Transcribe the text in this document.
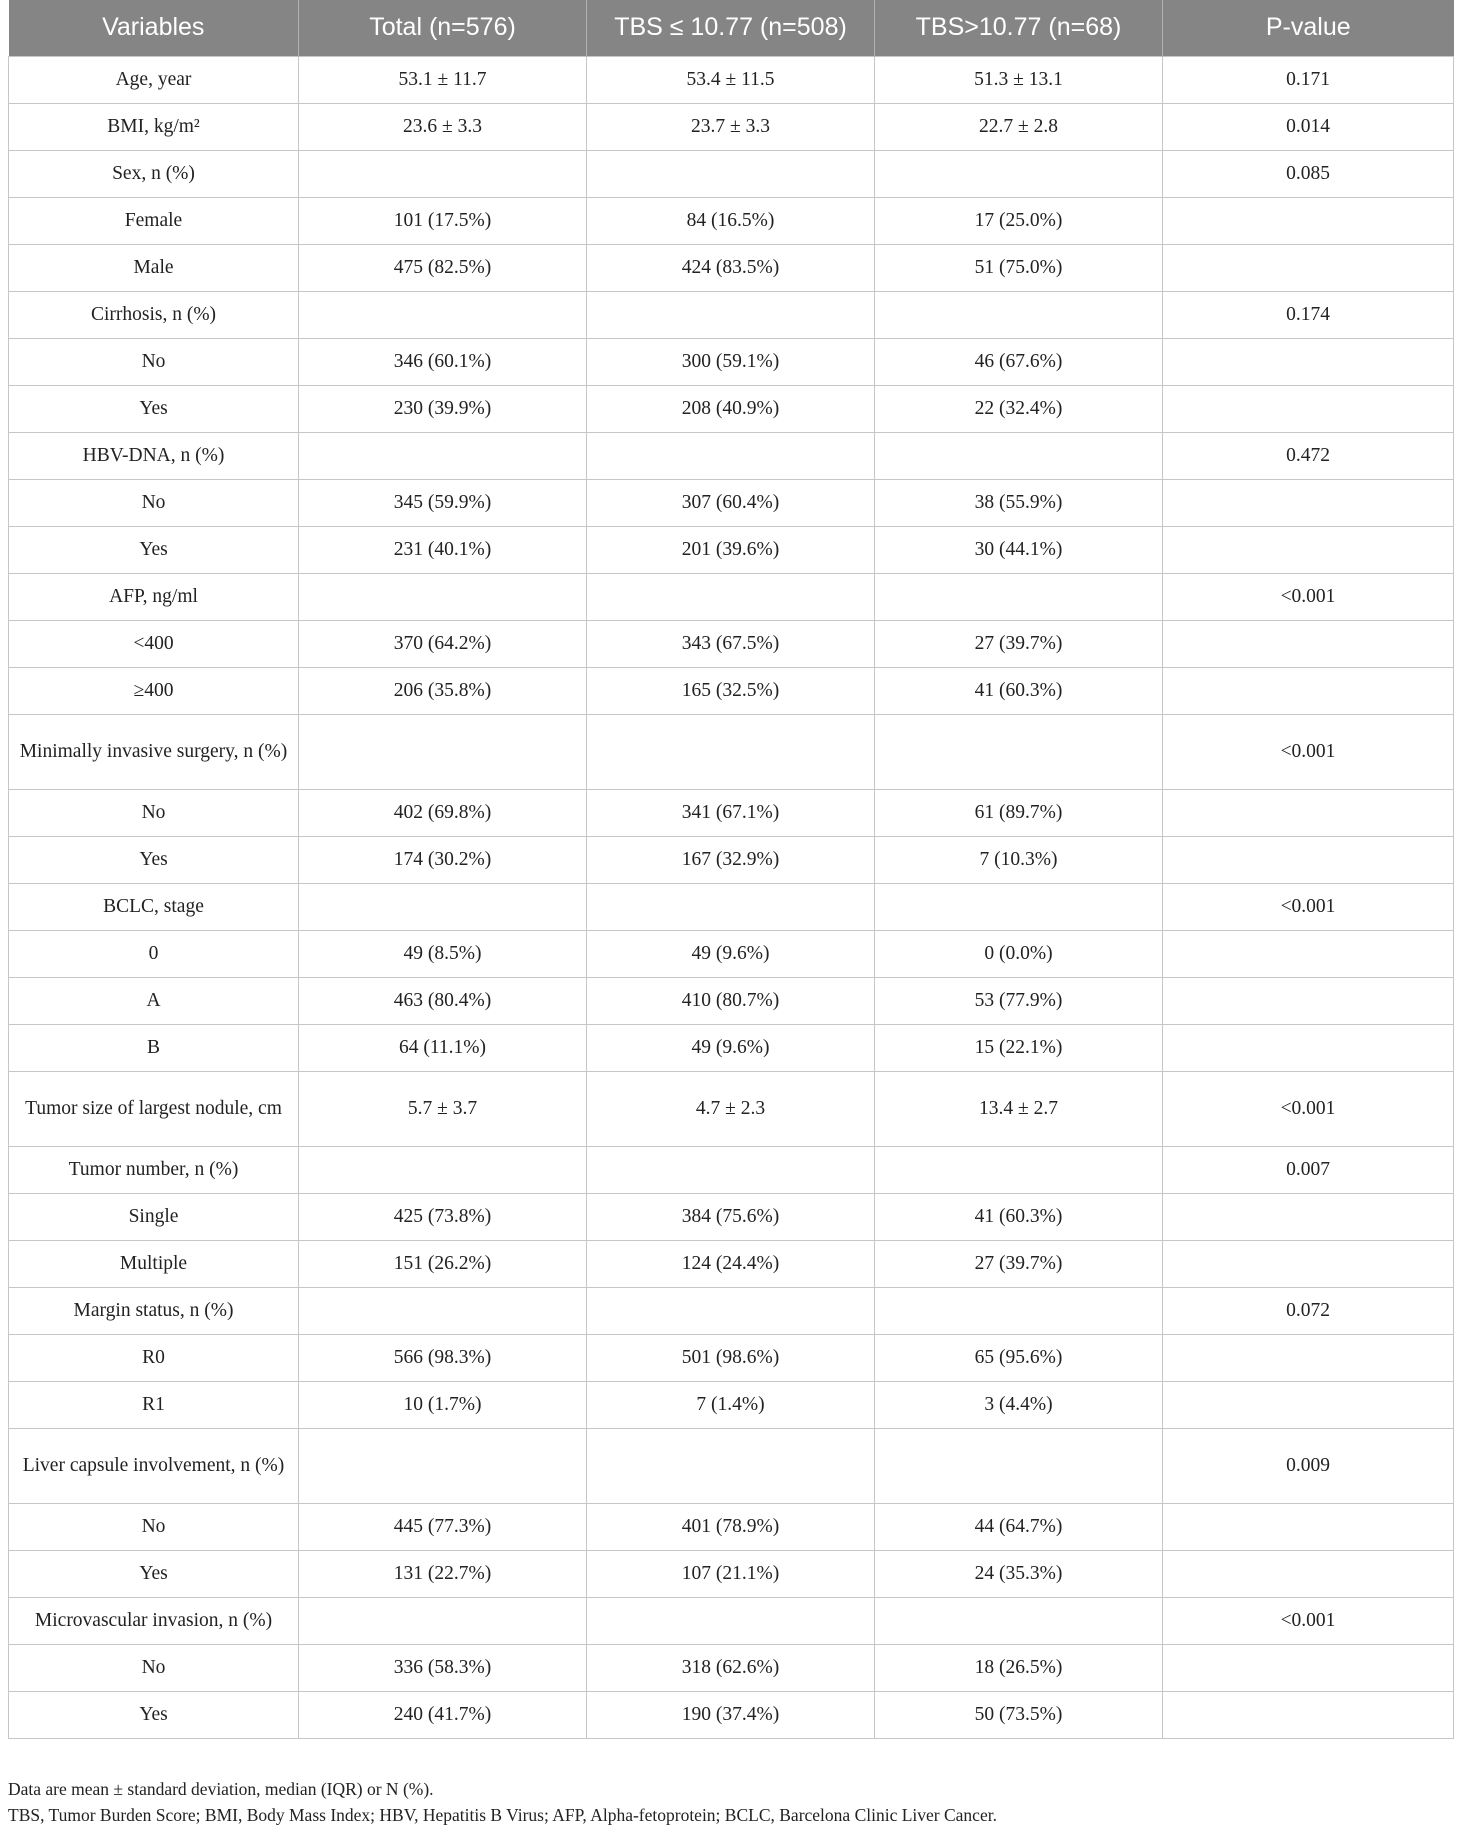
Variables	Total (n=576)	TBS ≤ 10.77 (n=508)	TBS>10.77 (n=68)	P-value
Age, year	53.1 ± 11.7	53.4 ± 11.5	51.3 ± 13.1	0.171
BMI, kg/m²	23.6 ± 3.3	23.7 ± 3.3	22.7 ± 2.8	0.014
Sex, n (%)				0.085
Female	101 (17.5%)	84 (16.5%)	17 (25.0%)	
Male	475 (82.5%)	424 (83.5%)	51 (75.0%)	
Cirrhosis, n (%)				0.174
No	346 (60.1%)	300 (59.1%)	46 (67.6%)	
Yes	230 (39.9%)	208 (40.9%)	22 (32.4%)	
HBV-DNA, n (%)				0.472
No	345 (59.9%)	307 (60.4%)	38 (55.9%)	
Yes	231 (40.1%)	201 (39.6%)	30 (44.1%)	
AFP, ng/ml				<0.001
<400	370 (64.2%)	343 (67.5%)	27 (39.7%)	
≥400	206 (35.8%)	165 (32.5%)	41 (60.3%)	
Minimally invasive surgery, n (%)				<0.001
No	402 (69.8%)	341 (67.1%)	61 (89.7%)	
Yes	174 (30.2%)	167 (32.9%)	7 (10.3%)	
BCLC, stage				<0.001
0	49 (8.5%)	49 (9.6%)	0 (0.0%)	
A	463 (80.4%)	410 (80.7%)	53 (77.9%)	
B	64 (11.1%)	49 (9.6%)	15 (22.1%)	
Tumor size of largest nodule, cm	5.7 ± 3.7	4.7 ± 2.3	13.4 ± 2.7	<0.001
Tumor number, n (%)				0.007
Single	425 (73.8%)	384 (75.6%)	41 (60.3%)	
Multiple	151 (26.2%)	124 (24.4%)	27 (39.7%)	
Margin status, n (%)				0.072
R0	566 (98.3%)	501 (98.6%)	65 (95.6%)	
R1	10 (1.7%)	7 (1.4%)	3 (4.4%)	
Liver capsule involvement, n (%)				0.009
No	445 (77.3%)	401 (78.9%)	44 (64.7%)	
Yes	131 (22.7%)	107 (21.1%)	24 (35.3%)	
Microvascular invasion, n (%)				<0.001
No	336 (58.3%)	318 (62.6%)	18 (26.5%)	
Yes	240 (41.7%)	190 (37.4%)	50 (73.5%)	
Data are mean ± standard deviation, median (IQR) or N (%).
TBS, Tumor Burden Score; BMI, Body Mass Index; HBV, Hepatitis B Virus; AFP, Alpha-fetoprotein; BCLC, Barcelona Clinic Liver Cancer.
